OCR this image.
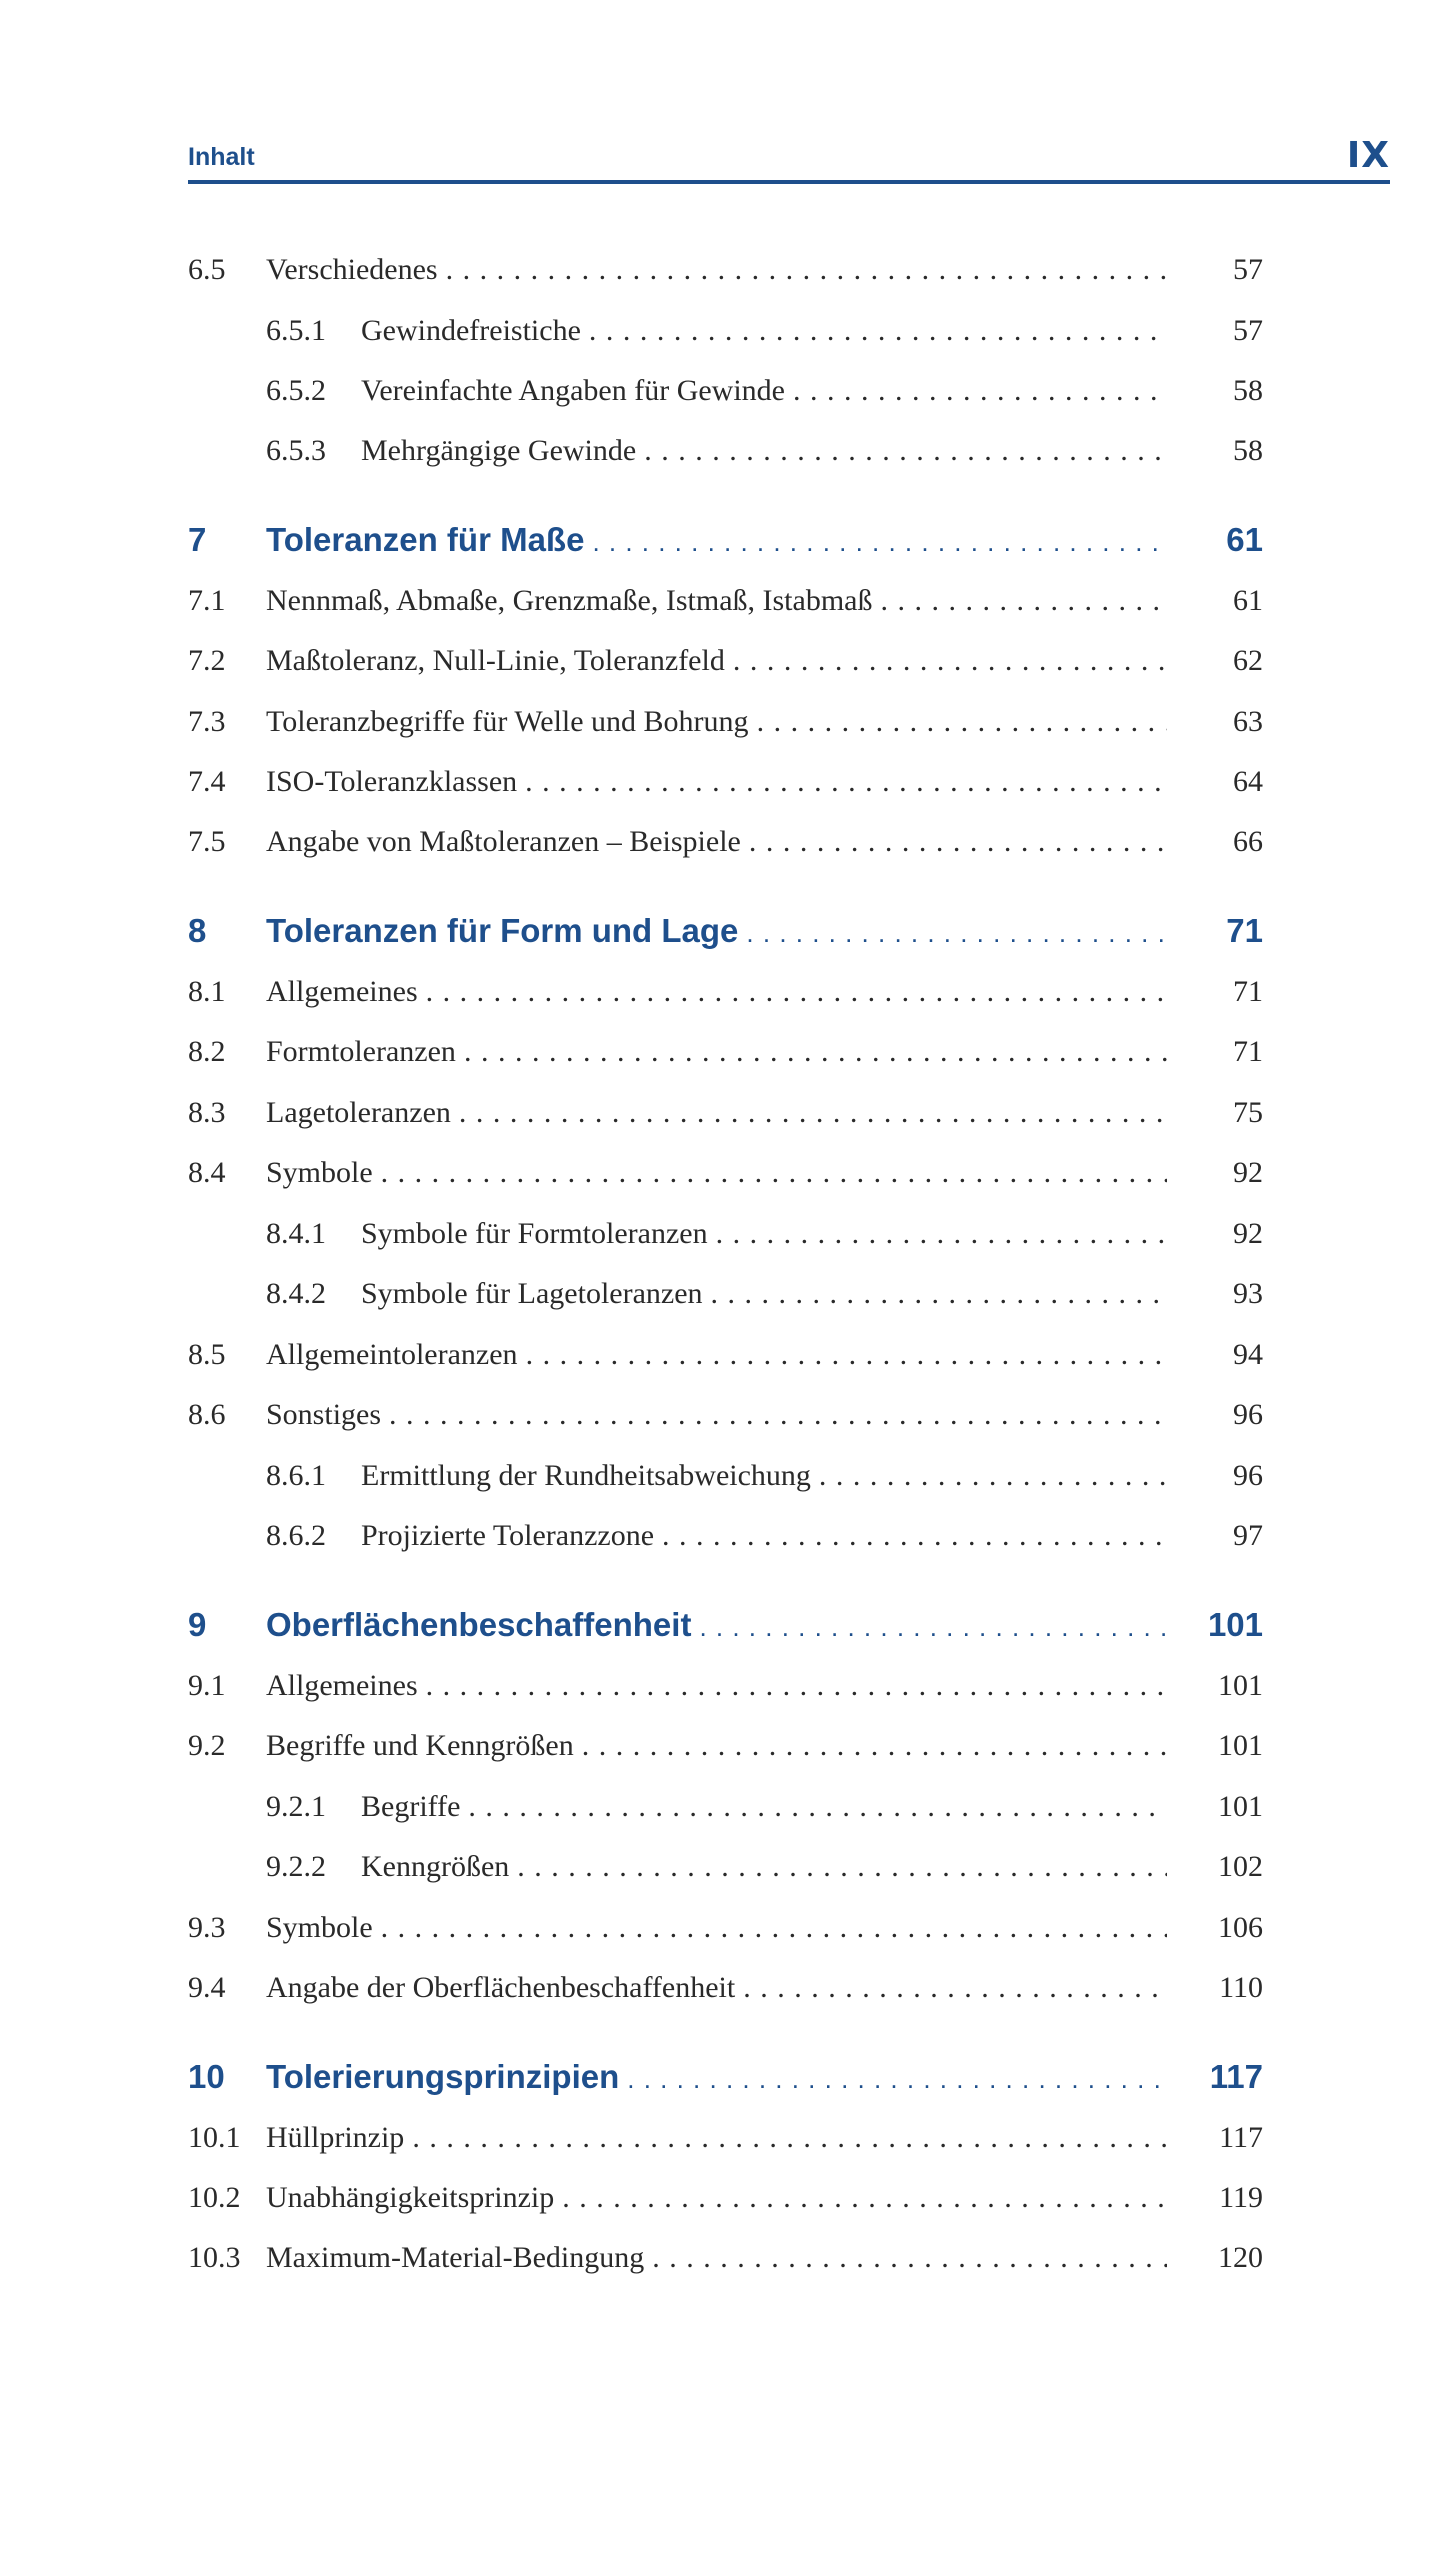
Inhalt	IX
6.5 Verschiedenes . . .	57
6.5.1 Gewindefreistiche . . .	57
6.5.2 Vereinfachte Angaben für Gewinde . . .	58
6.5.3 Mehrgängige Gewinde . . .	58
7 Toleranzen für Maße . . .	61
7.1 Nennmaß, Abmaße, Grenzmaße, Istmaß, Istabmaß . . .	61
7.2 Maßtoleranz, Null-Linie, Toleranzfeld . . .	62
7.3 Toleranzbegriffe für Welle und Bohrung . . .	63
7.4 ISO-Toleranzklassen . . .	64
7.5 Angabe von Maßtoleranzen – Beispiele . . .	66
8 Toleranzen für Form und Lage . . .	71
8.1 Allgemeines . . .	71
8.2 Formtoleranzen . . .	71
8.3 Lagetoleranzen . . .	75
8.4 Symbole . . .	92
8.4.1 Symbole für Formtoleranzen . . .	92
8.4.2 Symbole für Lagetoleranzen . . .	93
8.5 Allgemeintoleranzen . . .	94
8.6 Sonstiges . . .	96
8.6.1 Ermittlung der Rundheitsabweichung . . .	96
8.6.2 Projizierte Toleranzzone . . .	97
9 Oberflächenbeschaffenheit . . .	101
9.1 Allgemeines . . .	101
9.2 Begriffe und Kenngrößen . . .	101
9.2.1 Begriffe . . .	101
9.2.2 Kenngrößen . . .	102
9.3 Symbole . . .	106
9.4 Angabe der Oberflächenbeschaffenheit . . .	110
10 Tolerierungsprinzipien . . .	117
10.1 Hüllprinzip . . .	117
10.2 Unabhängigkeitsprinzip . . .	119
10.3 Maximum-Material-Bedingung . . .	120
